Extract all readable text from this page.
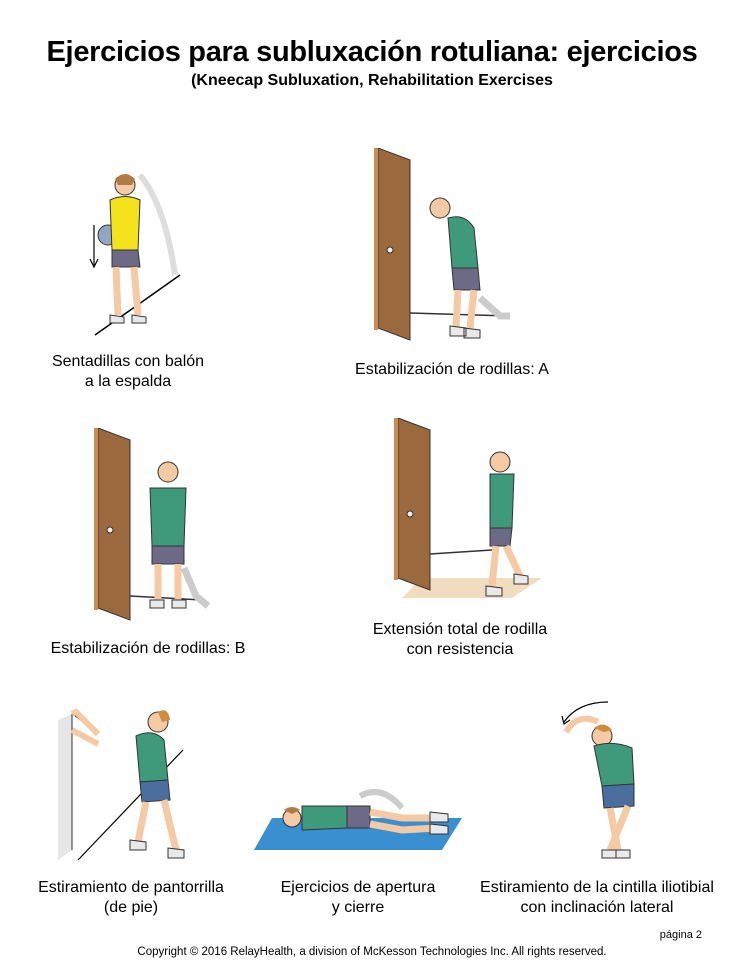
Ejercicios para subluxación rotuliana: ejercicios
(Kneecap Subluxation, Rehabilitation Exercises
Sentadillas con balón
a la espalda
Estabilización de rodillas: A
Estabilización de rodillas: B
Extensión total de rodilla
con resistencia
Estiramiento de pantorrilla
(de pie)
Ejercicios de apertura
y cierre
Estiramiento de la cintilla iliotibial
con inclinación lateral
página 2
Copyright © 2016 RelayHealth, a division of McKesson Technologies Inc. All rights reserved.
